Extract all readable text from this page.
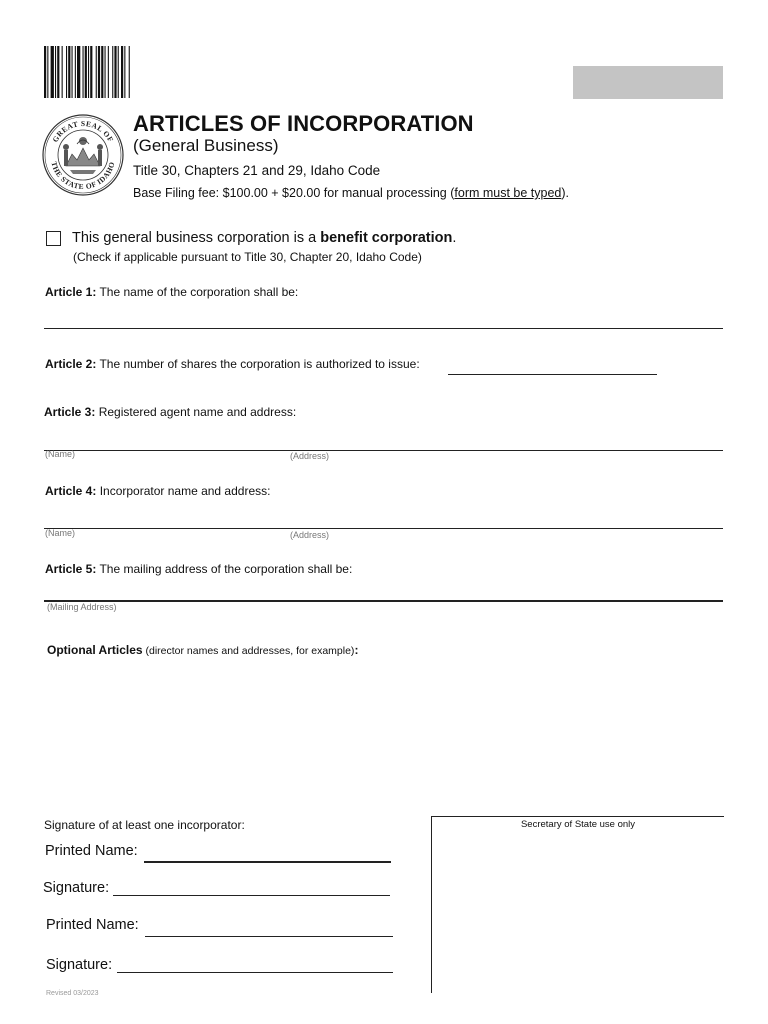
GREAT SEAL OF
THE STATE OF IDAHO
ARTICLES OF INCORPORATION
(General Business)
Title 30, Chapters 21 and 29, Idaho Code
Base Filing fee: $100.00 + $20.00 for manual processing (form must be typed).
This general business corporation is a benefit corporation.
(Check if applicable pursuant to Title 30, Chapter 20, Idaho Code)
Article 1: The name of the corporation shall be:
Article 2: The number of shares the corporation is authorized to issue:
Article 3: Registered agent name and address:
(Name)	(Address)
Article 4: Incorporator name and address:
(Name)	(Address)
Article 5: The mailing address of the corporation shall be:
(Mailing Address)
Optional Articles (director names and addresses, for example):
Signature of at least one incorporator:
Printed Name:
Signature:
Printed Name:
Signature:
Secretary of State use only
Revised 03/2023
